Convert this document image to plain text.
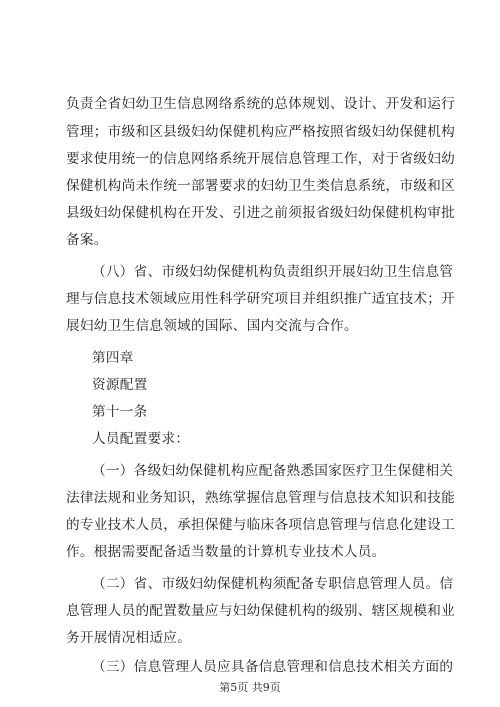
负责全省妇幼卫生信息网络系统的总体规划、设计、开发和运行
管理；市级和区县级妇幼保健机构应严格按照省级妇幼保健机构
要求使用统一的信息网络系统开展信息管理工作，对于省级妇幼
保健机构尚未作统一部署要求的妇幼卫生类信息系统，市级和区
县级妇幼保健机构在开发、引进之前须报省级妇幼保健机构审批
备案。
（八）省、市级妇幼保健机构负责组织开展妇幼卫生信息管
理与信息技术领域应用性科学研究项目并组织推广适宜技术；开
展妇幼卫生信息领域的国际、国内交流与合作。
第四章
资源配置
第十一条
人员配置要求：
（一）各级妇幼保健机构应配备熟悉国家医疗卫生保健相关
法律法规和业务知识，熟练掌握信息管理与信息技术知识和技能
的专业技术人员，承担保健与临床各项信息管理与信息化建设工
作。根据需要配备适当数量的计算机专业技术人员。
（二）省、市级妇幼保健机构须配备专职信息管理人员。信
息管理人员的配置数量应与妇幼保健机构的级别、辖区规模和业
务开展情况相适应。
（三）信息管理人员应具备信息管理和信息技术相关方面的
第5页 共9页
